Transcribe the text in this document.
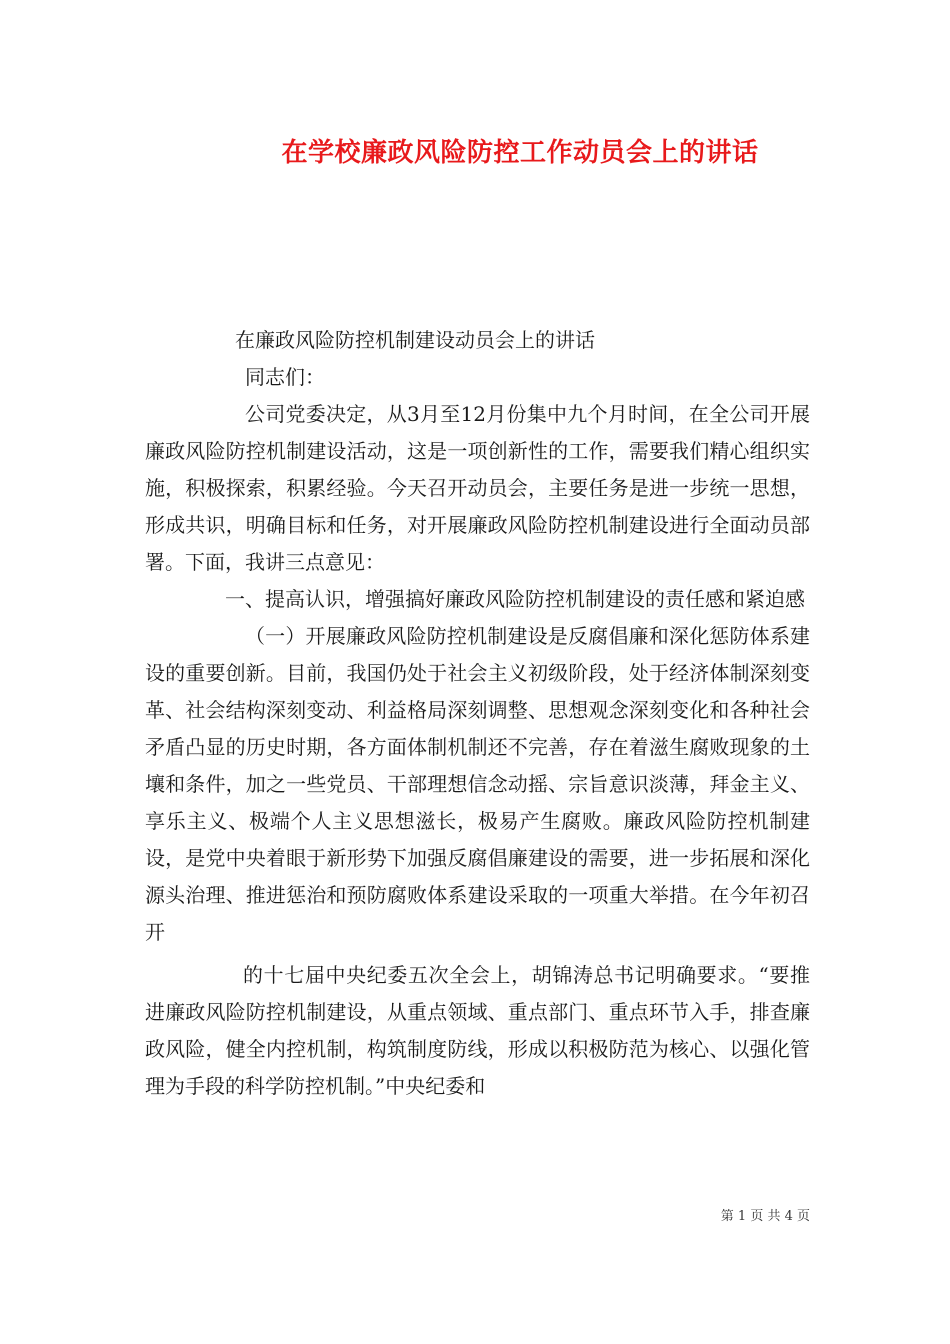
在学校廉政风险防控工作动员会上的讲话

在廉政风险防控机制建设动员会上的讲话

同志们：

公司党委决定，从3月至12月份集中九个月时间，在全公司开展廉政风险防控机制建设活动，这是一项创新性的工作，需要我们精心组织实施，积极探索，积累经验。今天召开动员会，主要任务是进一步统一思想，形成共识，明确目标和任务，对开展廉政风险防控机制建设进行全面动员部署。下面，我讲三点意见：

一、提高认识，增强搞好廉政风险防控机制建设的责任感和紧迫感

（一）开展廉政风险防控机制建设是反腐倡廉和深化惩防体系建设的重要创新。目前，我国仍处于社会主义初级阶段，处于经济体制深刻变革、社会结构深刻变动、利益格局深刻调整、思想观念深刻变化和各种社会矛盾凸显的历史时期，各方面体制机制还不完善，存在着滋生腐败现象的土壤和条件，加之一些党员、干部理想信念动摇、宗旨意识淡薄，拜金主义、享乐主义、极端个人主义思想滋长，极易产生腐败。廉政风险防控机制建设，是党中央着眼于新形势下加强反腐倡廉建设的需要，进一步拓展和深化源头治理、推进惩治和预防腐败体系建设采取的一项重大举措。在今年初召开

的十七届中央纪委五次全会上，胡锦涛总书记明确要求。“要推进廉政风险防控机制建设，从重点领域、重点部门、重点环节入手，排查廉政风险，健全内控机制，构筑制度防线，形成以积极防范为核心、以强化管理为手段的科学防控机制。”中央纪委和

第 1 页 共 4 页
